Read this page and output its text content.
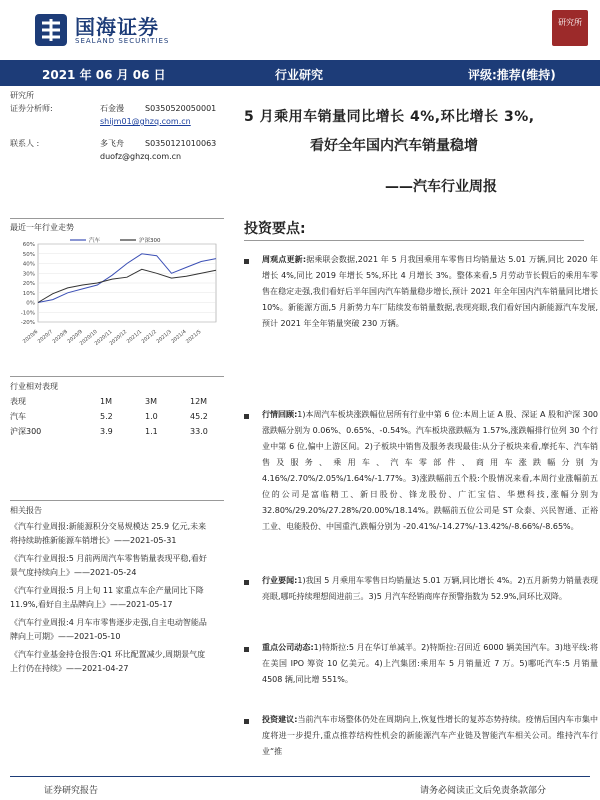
国海证券
SEALAND SECURITIES
研究所
2021 年 06 月 06 日	行业研究	评级:推荐(维持)
研究所
证券分析师:	石金漫	S0350520050001
shijm01@ghzq.com.cn
联系人 :	多飞舟	S0350121010063
duofz@ghzq.com.cn
5 月乘用车销量同比增长 4%,环比增长 3%,
看好全年国内汽车销量稳增
——汽车行业周报
最近一年行业走势
60%
50%
40%
30%
20%
10%
0%
-10%
-20%
2020/6
2020/7
2020/8
2020/9
2020/10
2020/11
2020/12
2021/1
2021/2
2021/3
2021/4
2021/5
汽车	沪深300
行业相对表现
表现	1M	3M	12M
汽车	5.2	1.0	45.2
沪深300	3.9	1.1	33.0
相关报告
《汽车行业周报:新能源积分交易规模达 25.9 亿元,未来将持续助推新能源车销增长》——2021-05-31
《汽车行业周报:5 月前两周汽车零售销量表现平稳,看好景气度持续向上》——2021-05-24
《汽车行业周报:5 月上旬 11 家重点车企产量同比下降 11.9%,看好自主品牌向上》——2021-05-17
《汽车行业周报:4 月车市零售逐步走强,自主电动智能品牌向上可期》——2021-05-10
《汽车行业基金持仓报告:Q1 环比配置减少,周期景气度上行仍在持续》——2021-04-27
投资要点:
周观点更新:据乘联会数据,2021 年 5 月我国乘用车零售日均销量达 5.01 万辆,同比 2020 年增长 4%,同比 2019 年增长 5%,环比 4 月增长 3%。整体来看,5 月劳动节长假后的乘用车零售在稳定走强,我们看好后半年国内汽车销量稳步增长,预计 2021 年全年国内汽车销量同比增长 10%。新能源方面,5 月新势力车厂陆续发布销量数据,表现亮眼,我们看好国内新能源汽车发展,预计 2021 年全年销量突破 230 万辆。
行情回顾:1)本周汽车板块涨跌幅位居所有行业中第 6 位:本周上证 A 股、深证 A 股和沪深 300 涨跌幅分别为 0.06%、0.65%、-0.54%。汽车板块涨跌幅为 1.57%,涨跌幅排行位列 30 个行业中第 6 位,偏中上游区间。2)子板块中销售及服务表现最佳:从分子板块来看,摩托车、汽车销售及服务、乘用车、汽车零部件、商用车涨跌幅分别为 4.16%/2.70%/2.05%/1.64%/-1.77%。3)涨跌幅前五个股:个股情况来看,本周行业涨幅前五位的公司是富临精工、新日股份、锋龙股份、广汇宝信、华懋科技,涨幅分别为 32.80%/29.20%/27.28%/20.00%/18.14%。跌幅前五位公司是 ST 众泰、兴民智通、正裕工业、电能股份、中国重汽,跌幅分别为 -20.41%/-14.27%/-13.42%/-8.66%/-8.65%。
行业要闻:1)我国 5 月乘用车零售日均销量达 5.01 万辆,同比增长 4%。2)五月新势力销量表现亮眼,哪吒持续理想阅进前三。3)5 月汽车经销商库存预警指数为 52.9%,同环比双降。
重点公司动态:1)特斯拉:5 月在华订单减半。2)特斯拉:召回近 6000 辆美国汽车。3)地平线:将在美国 IPO 筹资 10 亿美元。4)上汽集团:乘用车 5 月销量近 7 万。5)哪吒汽车:5 月销量 4508 辆,同比增 551%。
投资建议:当前汽车市场整体仍处在周期向上,恢复性增长的复苏态势持续。疫情后国内车市集中度将进一步提升,重点推荐结构性机会的新能源汽车产业链及智能汽车相关公司。维持汽车行业“推
证券研究报告	请务必阅读正文后免责条款部分
